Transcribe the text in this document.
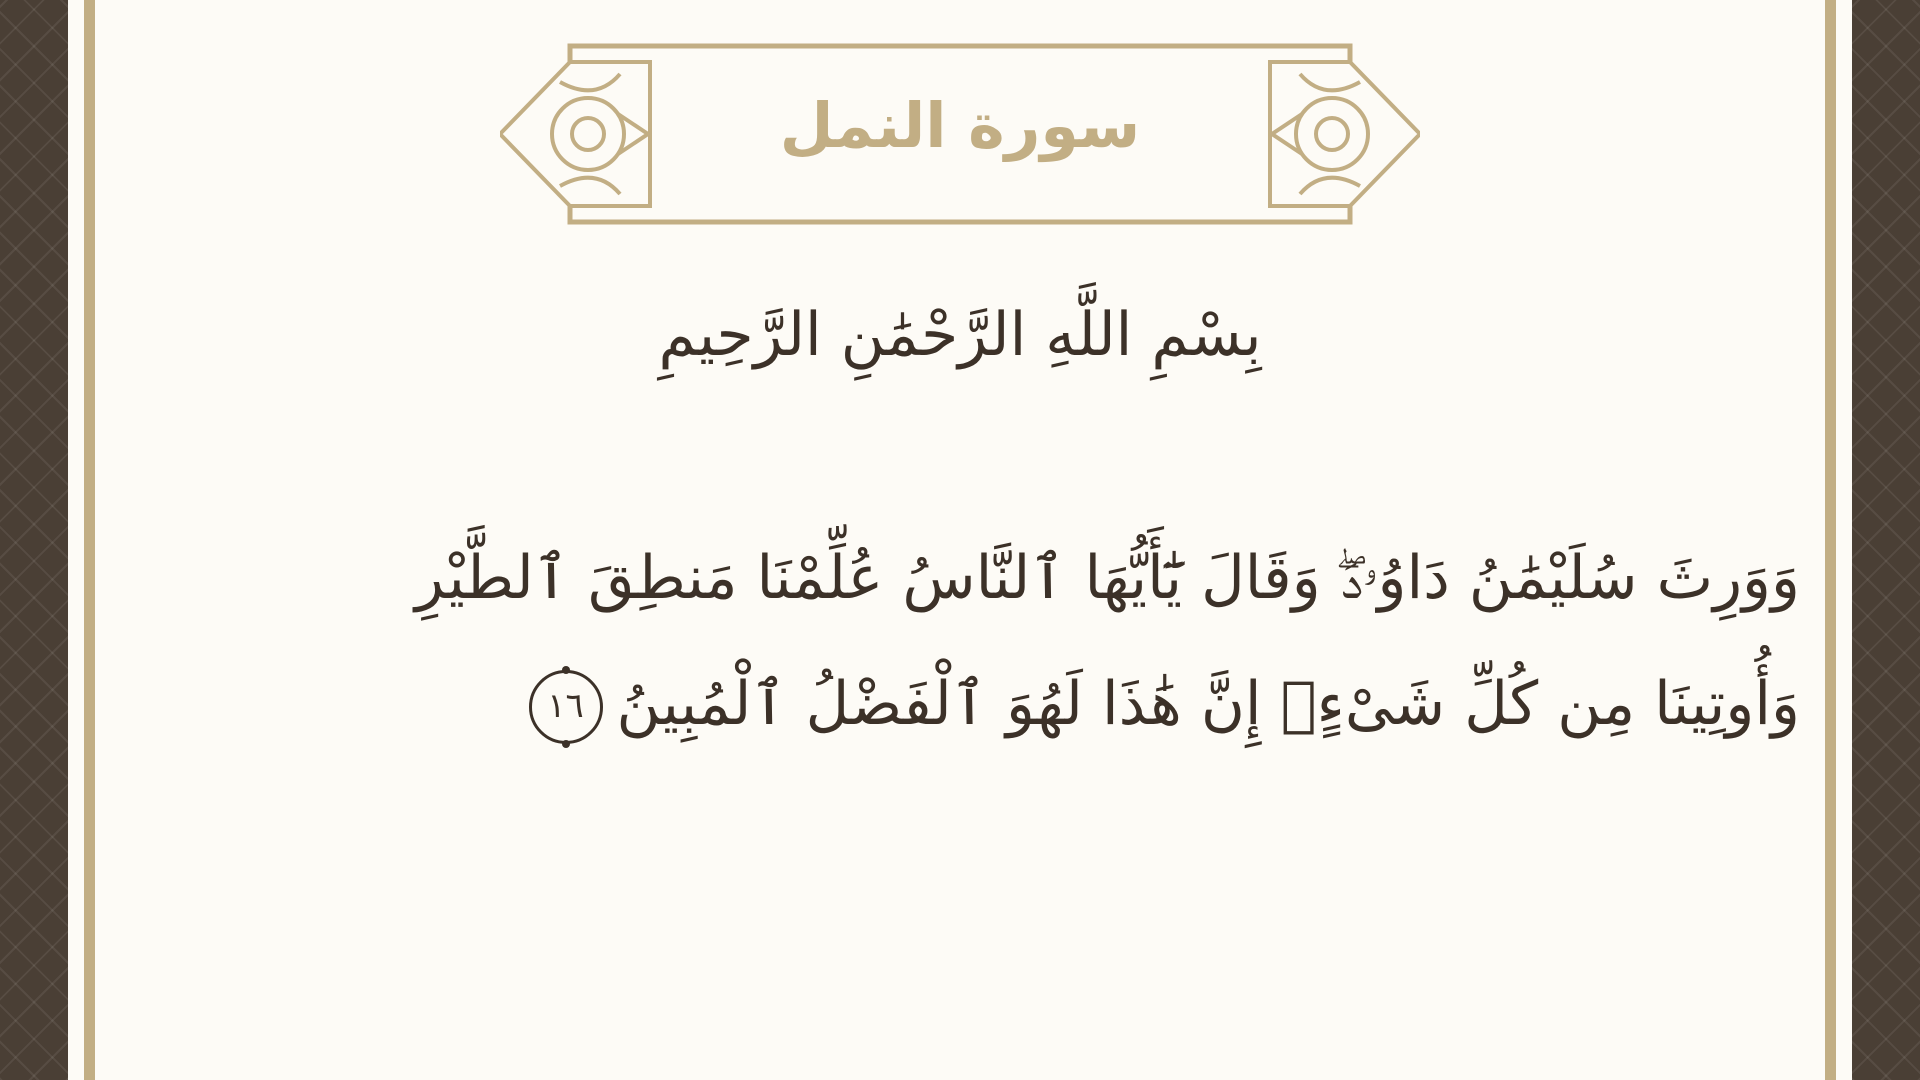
سورة النمل
بِسْمِ اللَّهِ الرَّحْمَٰنِ الرَّحِيمِ
وَوَرِثَ سُلَيْمَٰنُ دَاوُۥدَۖ وَقَالَ يَٰٓأَيُّهَا ٱلنَّاسُ عُلِّمْنَا مَنطِقَ ٱلطَّيْرِ
وَأُوتِينَا مِن كُلِّ شَىْءٍۖ إِنَّ هَٰذَا لَهُوَ ٱلْفَضْلُ ٱلْمُبِينُ١٦
